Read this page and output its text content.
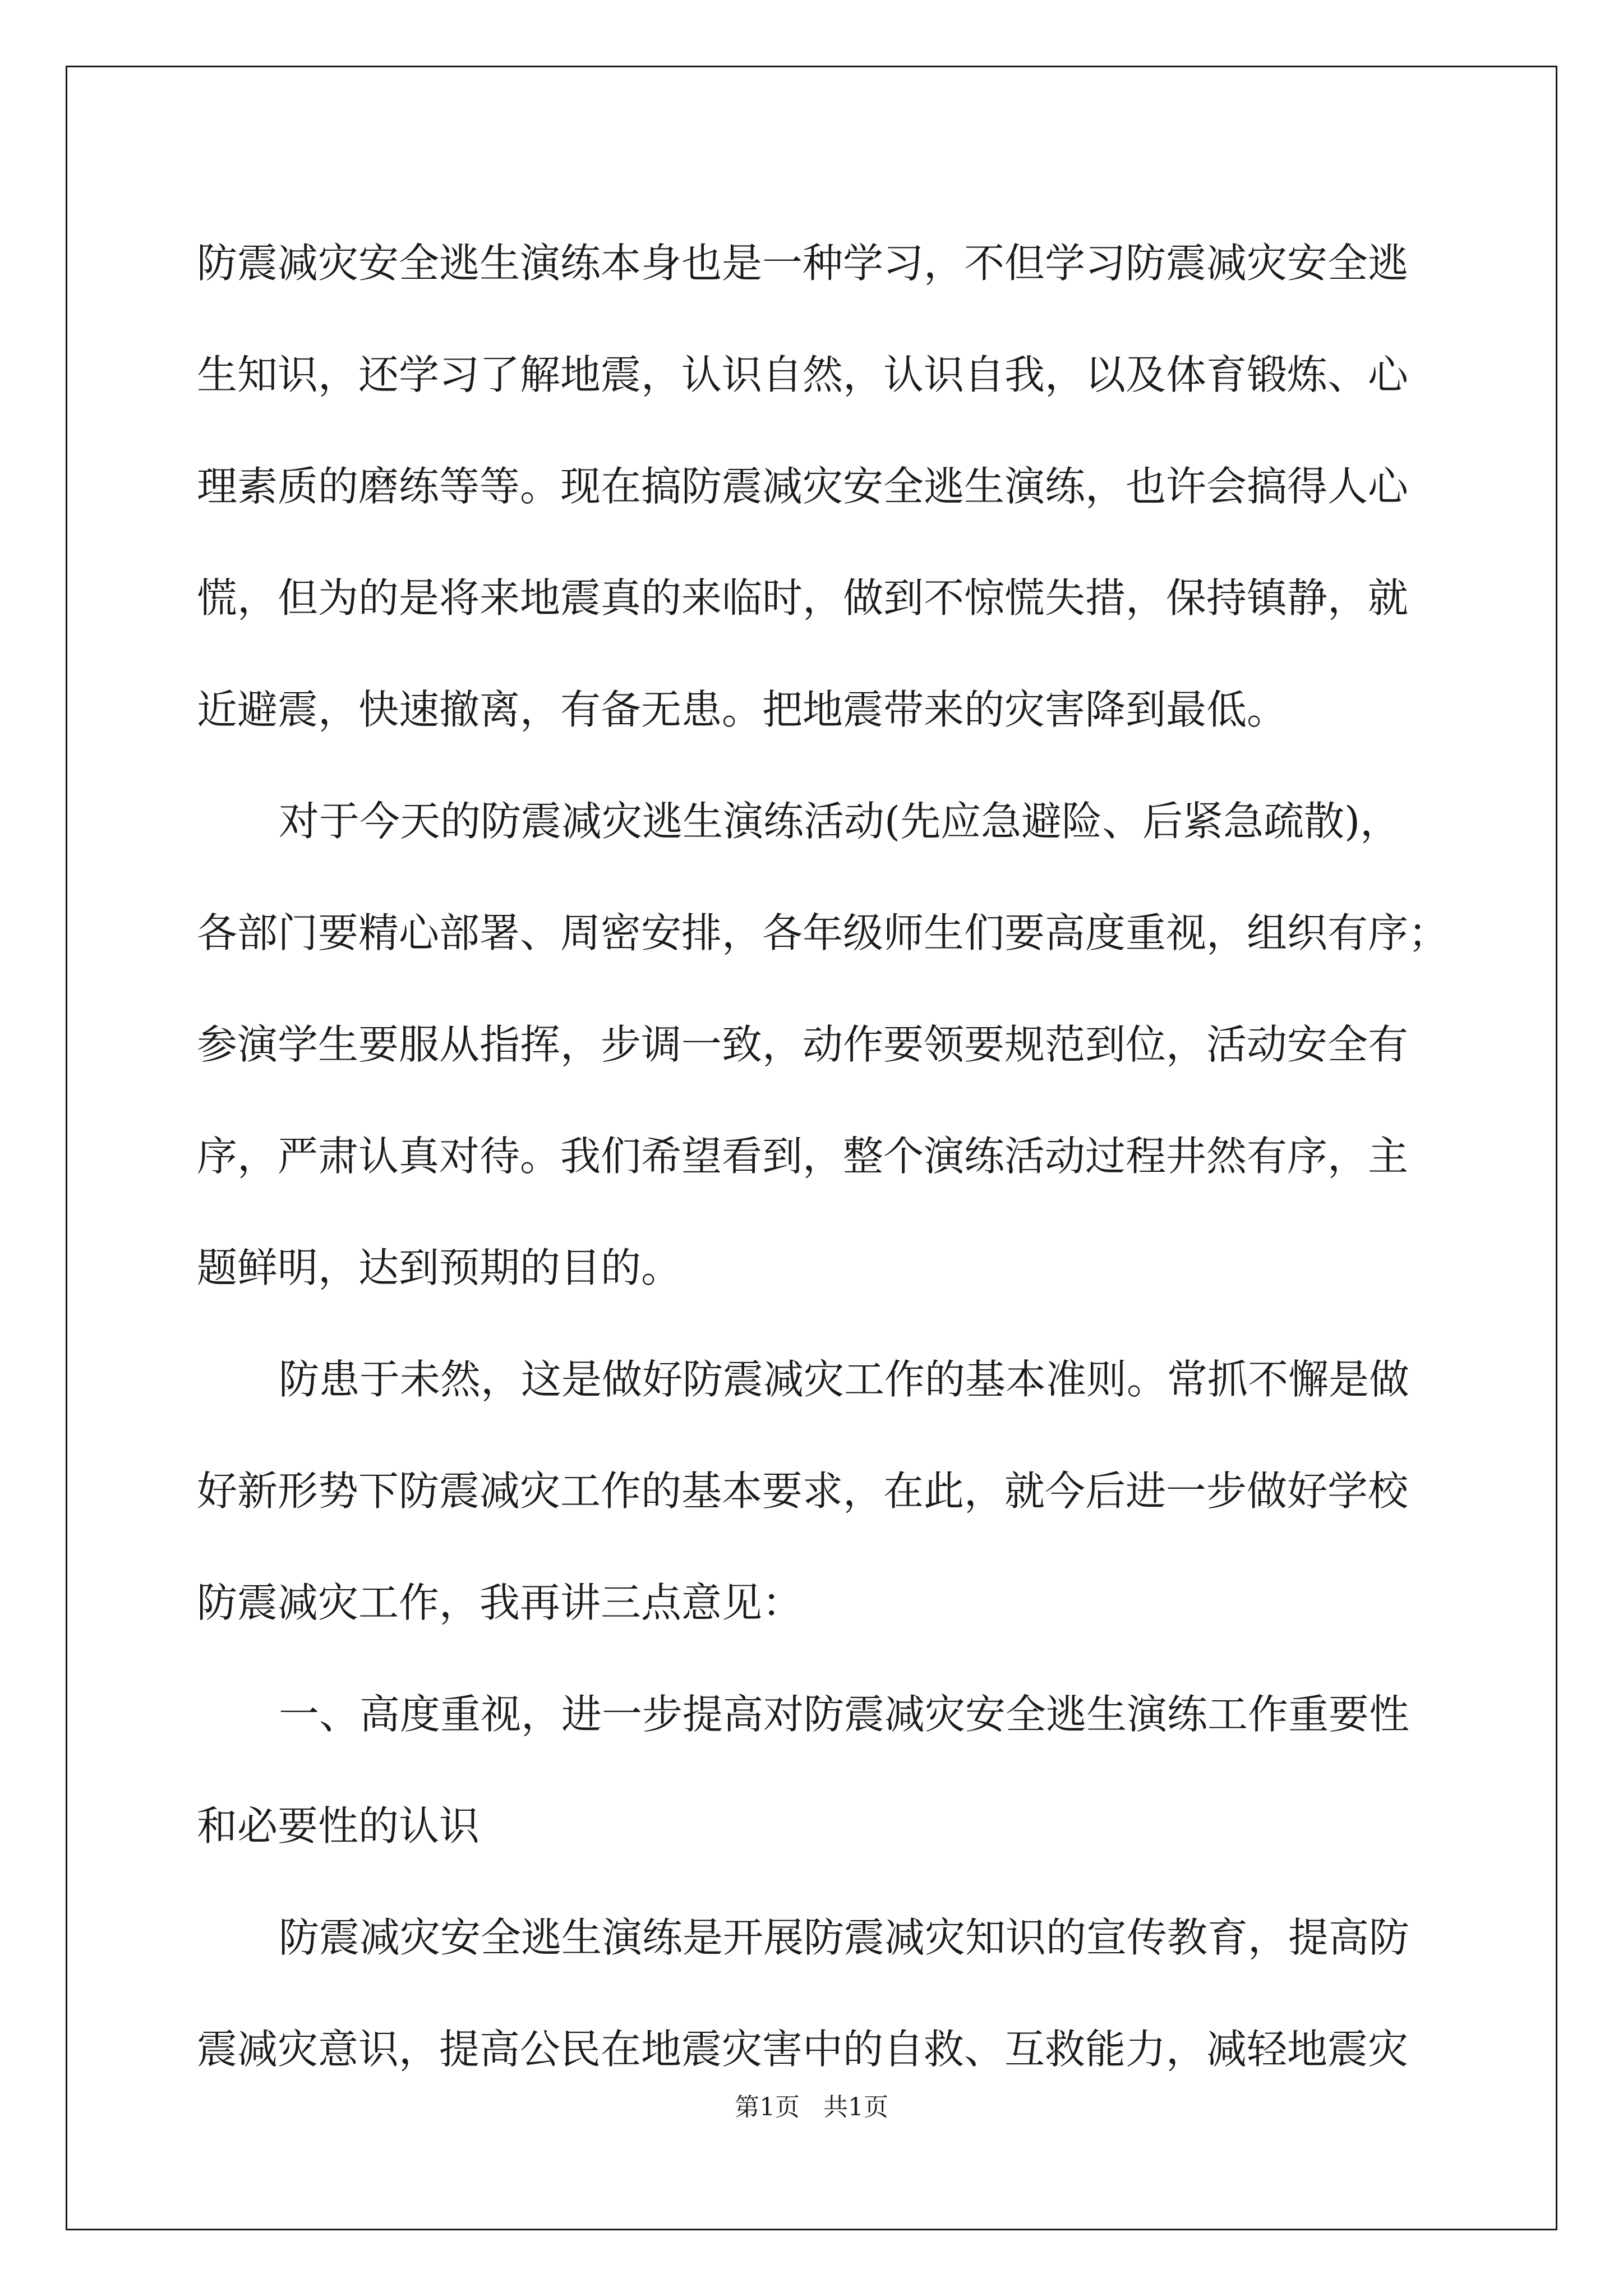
防震减灾安全逃生演练本身也是一种学习，不但学习防震减灾安全逃
生知识，还学习了解地震，认识自然，认识自我，以及体育锻炼、心
理素质的磨练等等。现在搞防震减灾安全逃生演练，也许会搞得人心
慌，但为的是将来地震真的来临时，做到不惊慌失措，保持镇静，就
近避震，快速撤离，有备无患。把地震带来的灾害降到最低。
对于今天的防震减灾逃生演练活动(先应急避险、后紧急疏散)，
各部门要精心部署、周密安排，各年级师生们要高度重视，组织有序；
参演学生要服从指挥，步调一致，动作要领要规范到位，活动安全有
序，严肃认真对待。我们希望看到，整个演练活动过程井然有序，主
题鲜明，达到预期的目的。
防患于未然，这是做好防震减灾工作的基本准则。常抓不懈是做
好新形势下防震减灾工作的基本要求，在此，就今后进一步做好学校
防震减灾工作，我再讲三点意见：
一、高度重视，进一步提高对防震减灾安全逃生演练工作重要性
和必要性的认识
防震减灾安全逃生演练是开展防震减灾知识的宣传教育，提高防
震减灾意识，提高公民在地震灾害中的自救、互救能力，减轻地震灾
第1页   共1页
